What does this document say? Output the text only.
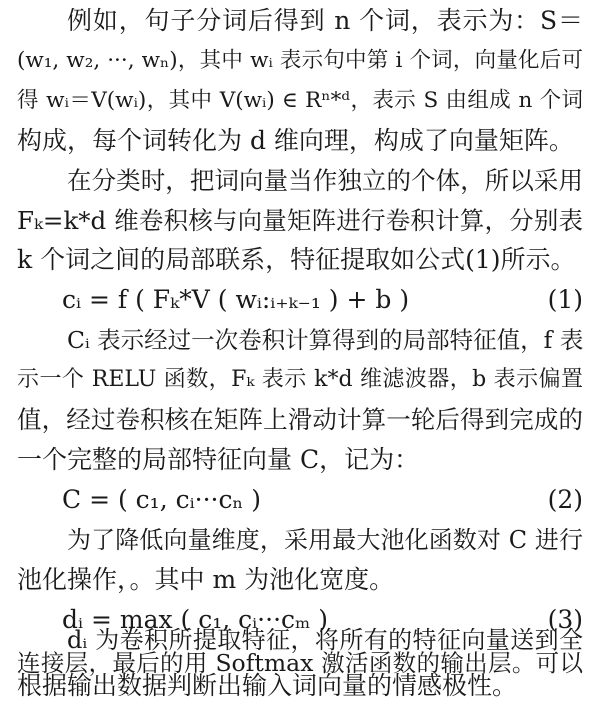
例如，句子分词后得到 n 个词，表示为：S＝
(w₁, w₂, ···, wₙ)，其中 wᵢ 表示句中第 i 个词，向量化后可
得 wᵢ＝V(wᵢ)，其中 V(wᵢ) ∈ Rⁿ*ᵈ，表示 S 由组成 n 个词
构成，每个词转化为 d 维向理，构成了向量矩阵。
在分类时，把词向量当作独立的个体，所以采用
Fₖ=k*d 维卷积核与向量矩阵进行卷积计算，分别表
k 个词之间的局部联系，特征提取如公式(1)所示。
cᵢ = f ( Fₖ*V ( wᵢ:ᵢ₊ₖ₋₁ ) + b )	(1)
Cᵢ 表示经过一次卷积计算得到的局部特征值，f 表
示一个 RELU 函数，Fₖ 表示 k*d 维滤波器，b 表示偏置
值，经过卷积核在矩阵上滑动计算一轮后得到完成的
一个完整的局部特征向量 C，记为：
C = ( c₁, cᵢ···cₙ )	(2)
为了降低向量维度，采用最大池化函数对 C 进行
池化操作，。其中 m 为池化宽度。
dᵢ = max ( c₁, cᵢ···cₘ )	(3)
dᵢ 为卷积所提取特征，将所有的特征向量送到全
连接层，最后的用 Softmax 激活函数的输出层。可以
根据输出数据判断出输入词向量的情感极性。
